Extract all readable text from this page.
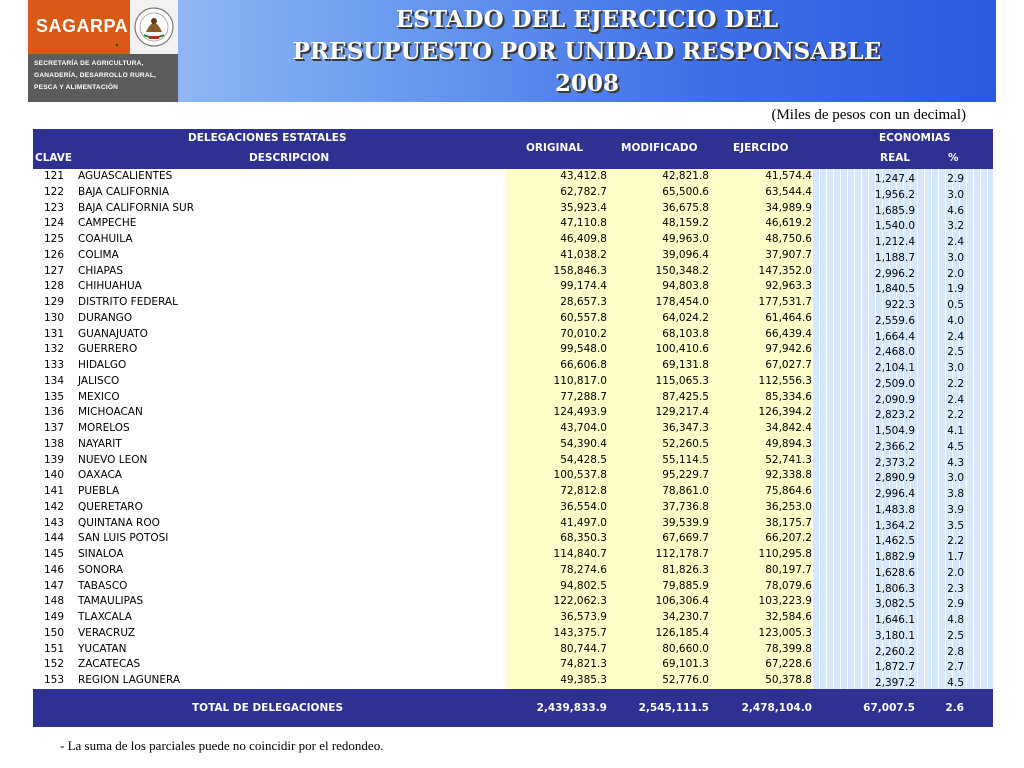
SAGARPA
SECRETARÍA DE AGRICULTURA,
GANADERÍA, DESARROLLO RURAL,
PESCA Y ALIMENTACIÓN
ESTADO DEL EJERCICIO DEL
PRESUPUESTO POR UNIDAD RESPONSABLE
2008
(Miles de pesos con un decimal)
DELEGACIONES ESTATALES
CLAVE	DESCRIPCION
ORIGINAL	MODIFICADO	EJERCIDO
ECONOMIAS
REAL	%
121 AGUASCALIENTES	43,412.8	42,821.8	41,574.4	1,247.4	2.9
122 BAJA CALIFORNIA	62,782.7	65,500.6	63,544.4	1,956.2	3.0
123 BAJA CALIFORNIA SUR	35,923.4	36,675.8	34,989.9	1,685.9	4.6
124 CAMPECHE	47,110.8	48,159.2	46,619.2	1,540.0	3.2
125 COAHUILA	46,409.8	49,963.0	48,750.6	1,212.4	2.4
126 COLIMA	41,038.2	39,096.4	37,907.7	1,188.7	3.0
127 CHIAPAS	158,846.3	150,348.2	147,352.0	2,996.2	2.0
128 CHIHUAHUA	99,174.4	94,803.8	92,963.3	1,840.5	1.9
129 DISTRITO FEDERAL	28,657.3	178,454.0	177,531.7	922.3	0.5
130 DURANGO	60,557.8	64,024.2	61,464.6	2,559.6	4.0
131 GUANAJUATO	70,010.2	68,103.8	66,439.4	1,664.4	2.4
132 GUERRERO	99,548.0	100,410.6	97,942.6	2,468.0	2.5
133 HIDALGO	66,606.8	69,131.8	67,027.7	2,104.1	3.0
134 JALISCO	110,817.0	115,065.3	112,556.3	2,509.0	2.2
135 MEXICO	77,288.7	87,425.5	85,334.6	2,090.9	2.4
136 MICHOACAN	124,493.9	129,217.4	126,394.2	2,823.2	2.2
137 MORELOS	43,704.0	36,347.3	34,842.4	1,504.9	4.1
138 NAYARIT	54,390.4	52,260.5	49,894.3	2,366.2	4.5
139 NUEVO LEON	54,428.5	55,114.5	52,741.3	2,373.2	4.3
140 OAXACA	100,537.8	95,229.7	92,338.8	2,890.9	3.0
141 PUEBLA	72,812.8	78,861.0	75,864.6	2,996.4	3.8
142 QUERETARO	36,554.0	37,736.8	36,253.0	1,483.8	3.9
143 QUINTANA ROO	41,497.0	39,539.9	38,175.7	1,364.2	3.5
144 SAN LUIS POTOSI	68,350.3	67,669.7	66,207.2	1,462.5	2.2
145 SINALOA	114,840.7	112,178.7	110,295.8	1,882.9	1.7
146 SONORA	78,274.6	81,826.3	80,197.7	1,628.6	2.0
147 TABASCO	94,802.5	79,885.9	78,079.6	1,806.3	2.3
148 TAMAULIPAS	122,062.3	106,306.4	103,223.9	3,082.5	2.9
149 TLAXCALA	36,573.9	34,230.7	32,584.6	1,646.1	4.8
150 VERACRUZ	143,375.7	126,185.4	123,005.3	3,180.1	2.5
151 YUCATAN	80,744.7	80,660.0	78,399.8	2,260.2	2.8
152 ZACATECAS	74,821.3	69,101.3	67,228.6	1,872.7	2.7
153 REGION LAGUNERA	49,385.3	52,776.0	50,378.8	2,397.2	4.5
TOTAL DE DELEGACIONES	2,439,833.9	2,545,111.5	2,478,104.0	67,007.5	2.6
- La suma de los parciales puede no coincidir por el redondeo.
